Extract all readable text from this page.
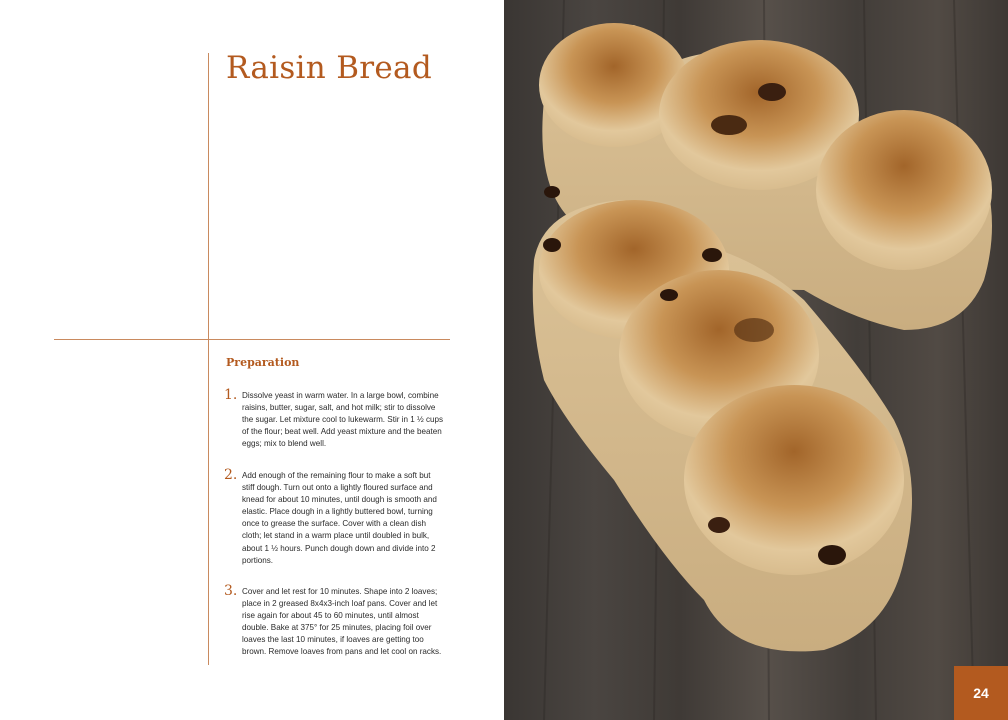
Raisin Bread
Preparation
1. Dissolve yeast in warm water. In a large bowl, combine raisins, butter, sugar, salt, and hot milk; stir to dissolve the sugar. Let mixture cool to lukewarm. Stir in 1 ½ cups of the flour; beat well. Add yeast mixture and the beaten eggs; mix to blend well.
2. Add enough of the remaining flour to make a soft but stiff dough. Turn out onto a lightly floured surface and knead for about 10 minutes, until dough is smooth and elastic. Place dough in a lightly buttered bowl, turning once to grease the surface. Cover with a clean dish cloth; let stand in a warm place until doubled in bulk, about 1 ½ hours. Punch dough down and divide into 2 portions.
3. Cover and let rest for 10 minutes. Shape into 2 loaves; place in 2 greased 8x4x3-inch loaf pans. Cover and let rise again for about 45 to 60 minutes, until almost double. Bake at 375° for 25 minutes, placing foil over loaves the last 10 minutes, if loaves are getting too brown. Remove loaves from pans and let cool on racks.
24
